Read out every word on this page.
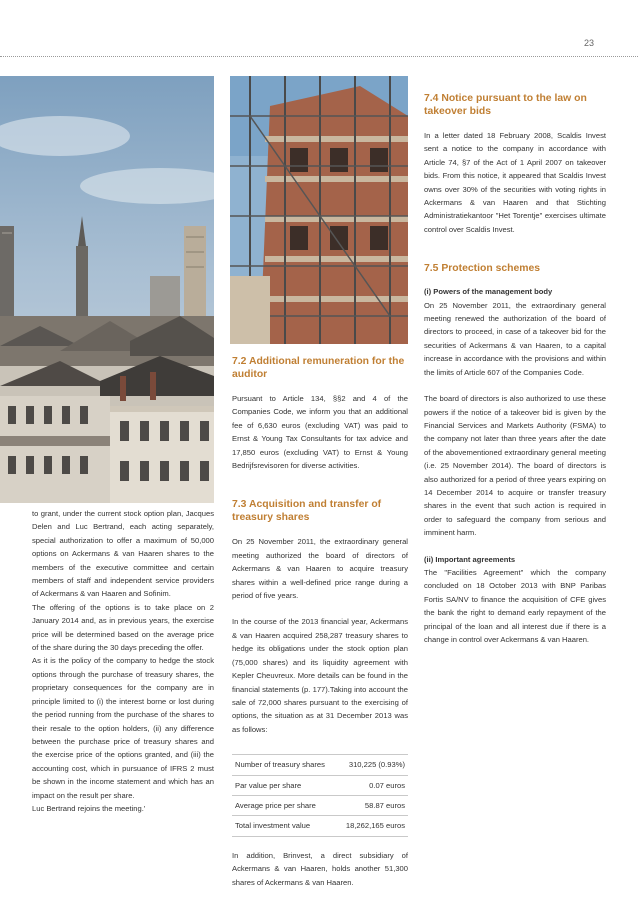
23

to grant, under the current stock option plan, Jacques Delen and Luc Bertrand, each acting separately, special authorization to offer a maximum of 50,000 options on Ackermans & van Haaren shares to the members of the executive committee and certain members of staff and independent service providers of Ackermans & van Haaren and Sofinim.

The offering of the options is to take place on 2 January 2014 and, as in previous years, the exercise price will be determined based on the average price of the share during the 30 days preceding the offer.

As it is the policy of the company to hedge the stock options through the purchase of treasury shares, the proprietary consequences for the company are in principle limited to (i) the interest borne or lost during the period running from the purchase of the shares to their resale to the option holders, (ii) any difference between the purchase price of treasury shares and the exercise price of the options granted, and (iii) the accounting cost, which in pursuance of IFRS 2 must be shown in the income statement and which has an impact on the result per share.

Luc Bertrand rejoins the meeting.'

7.2 Additional remuneration for the auditor

Pursuant to Article 134, §§2 and 4 of the Companies Code, we inform you that an additional fee of 6,630 euros (excluding VAT) was paid to Ernst & Young Tax Consultants for tax advice and 17,850 euros (excluding VAT) to Ernst & Young Bedrijfsrevisoren for diverse activities.

7.3 Acquisition and transfer of treasury shares

On 25 November 2011, the extraordinary general meeting authorized the board of directors of Ackermans & van Haaren to acquire treasury shares within a well-defined price range during a period of five years.

In the course of the 2013 financial year, Ackermans & van Haaren acquired 258,287 treasury shares to hedge its obligations under the stock option plan (75,000 shares) and its liquidity agreement with Kepler Cheuvreux. More details can be found in the financial statements (p. 177).Taking into account the sale of 72,000 shares pursuant to the exercising of options, the situation as at 31 December 2013 was as follows:

Number of treasury shares	310,225 (0.93%)
Par value per share	0.07 euros
Average price per share	58.87 euros
Total investment value	18,262,165 euros

In addition, Brinvest, a direct subsidiary of Ackermans & van Haaren, holds another 51,300 shares of Ackermans & van Haaren.

7.4 Notice pursuant to the law on takeover bids

In a letter dated 18 February 2008, Scaldis Invest sent a notice to the company in accordance with Article 74, §7 of the Act of 1 April 2007 on takeover bids. From this notice, it appeared that Scaldis Invest owns over 30% of the securities with voting rights in Ackermans & van Haaren and that Stichting Administratiekantoor "Het Torentje" exercises ultimate control over Scaldis Invest.

7.5 Protection schemes

(i) Powers of the management body

On 25 November 2011, the extraordinary general meeting renewed the authorization of the board of directors to proceed, in case of a takeover bid for the securities of Ackermans & van Haaren, to a capital increase in accordance with the provisions and within the limits of Article 607 of the Companies Code.

The board of directors is also authorized to use these powers if the notice of a takeover bid is given by the Financial Services and Markets Authority (FSMA) to the company not later than three years after the date of the abovementioned extraordinary general meeting (i.e. 25 November 2014). The board of directors is also authorized for a period of three years expiring on 14 December 2014 to acquire or transfer treasury shares in the event that such action is required in order to safeguard the company from serious and imminent harm.

(ii) Important agreements

The "Facilities Agreement" which the company concluded on 18 October 2013 with BNP Paribas Fortis SA/NV to finance the acquisition of CFE gives the bank the right to demand early repayment of the principal of the loan and all interest due if there is a change in control over Ackermans & van Haaren.
